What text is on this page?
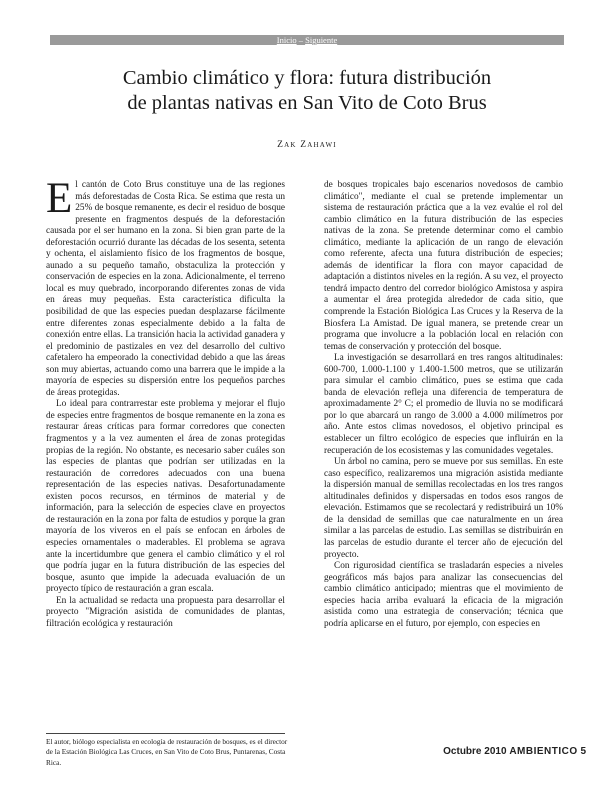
Inicio – Siguiente
Cambio climático y flora: futura distribución
de plantas nativas en San Vito de Coto Brus
Zak Zahawi

El cantón de Coto Brus constituye una de las regiones más deforestadas de Costa Rica. Se estima que resta un 25% de bosque remanente, es decir el residuo de bosque presente en fragmentos después de la deforestación causada por el ser humano en la zona. Si bien gran parte de la deforestación ocurrió durante las décadas de los sesenta, setenta y ochenta, el aislamiento físico de los fragmentos de bosque, aunado a su pequeño tamaño, obstaculiza la protección y conservación de especies en la zona. Adicionalmente, el terreno local es muy quebrado, incorporando diferentes zonas de vida en áreas muy pequeñas. Esta característica dificulta la posibilidad de que las especies puedan desplazarse fácilmente entre diferentes zonas especialmente debido a la falta de conexión entre ellas. La transición hacia la actividad ganadera y el predominio de pastizales en vez del desarrollo del cultivo cafetalero ha empeorado la conectividad debido a que las áreas son muy abiertas, actuando como una barrera que le impide a la mayoría de especies su dispersión entre los pequeños parches de áreas protegidas.

Lo ideal para contrarrestar este problema y mejorar el flujo de especies entre fragmentos de bosque remanente en la zona es restaurar áreas críticas para formar corredores que conecten fragmentos y a la vez aumenten el área de zonas protegidas propias de la región. No obstante, es necesario saber cuáles son las especies de plantas que podrían ser utilizadas en la restauración de corredores adecuados con una buena representación de las especies nativas. Desafortunadamente existen pocos recursos, en términos de material y de información, para la selección de especies clave en proyectos de restauración en la zona por falta de estudios y porque la gran mayoría de los viveros en el país se enfocan en árboles de especies ornamentales o maderables. El problema se agrava ante la incertidumbre que genera el cambio climático y el rol que podría jugar en la futura distribución de las especies del bosque, asunto que impide la adecuada evaluación de un proyecto típico de restauración a gran escala.

En la actualidad se redacta una propuesta para desarrollar el proyecto "Migración asistida de comunidades de plantas, filtración ecológica y restauración

de bosques tropicales bajo escenarios novedosos de cambio climático", mediante el cual se pretende implementar un sistema de restauración práctica que a la vez evalúe el rol del cambio climático en la futura distribución de las especies nativas de la zona. Se pretende determinar como el cambio climático, mediante la aplicación de un rango de elevación como referente, afecta una futura distribución de especies; además de identificar la flora con mayor capacidad de adaptación a distintos niveles en la región. A su vez, el proyecto tendrá impacto dentro del corredor biológico Amistosa y aspira a aumentar el área protegida alrededor de cada sitio, que comprende la Estación Biológica Las Cruces y la Reserva de la Biosfera La Amistad. De igual manera, se pretende crear un programa que involucre a la población local en relación con temas de conservación y protección del bosque.

La investigación se desarrollará en tres rangos altitudinales: 600-700, 1.000-1.100 y 1.400-1.500 metros, que se utilizarán para simular el cambio climático, pues se estima que cada banda de elevación refleja una diferencia de temperatura de aproximadamente 2° C; el promedio de lluvia no se modificará por lo que abarcará un rango de 3.000 a 4.000 milímetros por año. Ante estos climas novedosos, el objetivo principal es establecer un filtro ecológico de especies que influirán en la recuperación de los ecosistemas y las comunidades vegetales.

Un árbol no camina, pero se mueve por sus semillas. En este caso específico, realizaremos una migración asistida mediante la dispersión manual de semillas recolectadas en los tres rangos altitudinales definidos y dispersadas en todos esos rangos de elevación. Estimamos que se recolectará y redistribuirá un 10% de la densidad de semillas que cae naturalmente en un área similar a las parcelas de estudio. Las semillas se distribuirán en las parcelas de estudio durante el tercer año de ejecución del proyecto.

Con rigurosidad científica se trasladarán especies a niveles geográficos más bajos para analizar las consecuencias del cambio climático anticipado; mientras que el movimiento de especies hacia arriba evaluará la eficacia de la migración asistida como una estrategia de conservación; técnica que podría aplicarse en el futuro, por ejemplo, con especies en

El autor, biólogo especialista en ecología de restauración de bosques, es el director de la Estación Biológica Las Cruces, en San Vito de Coto Brus, Puntarenas, Costa Rica.
Octubre 2010 AMBIENTICO 5
